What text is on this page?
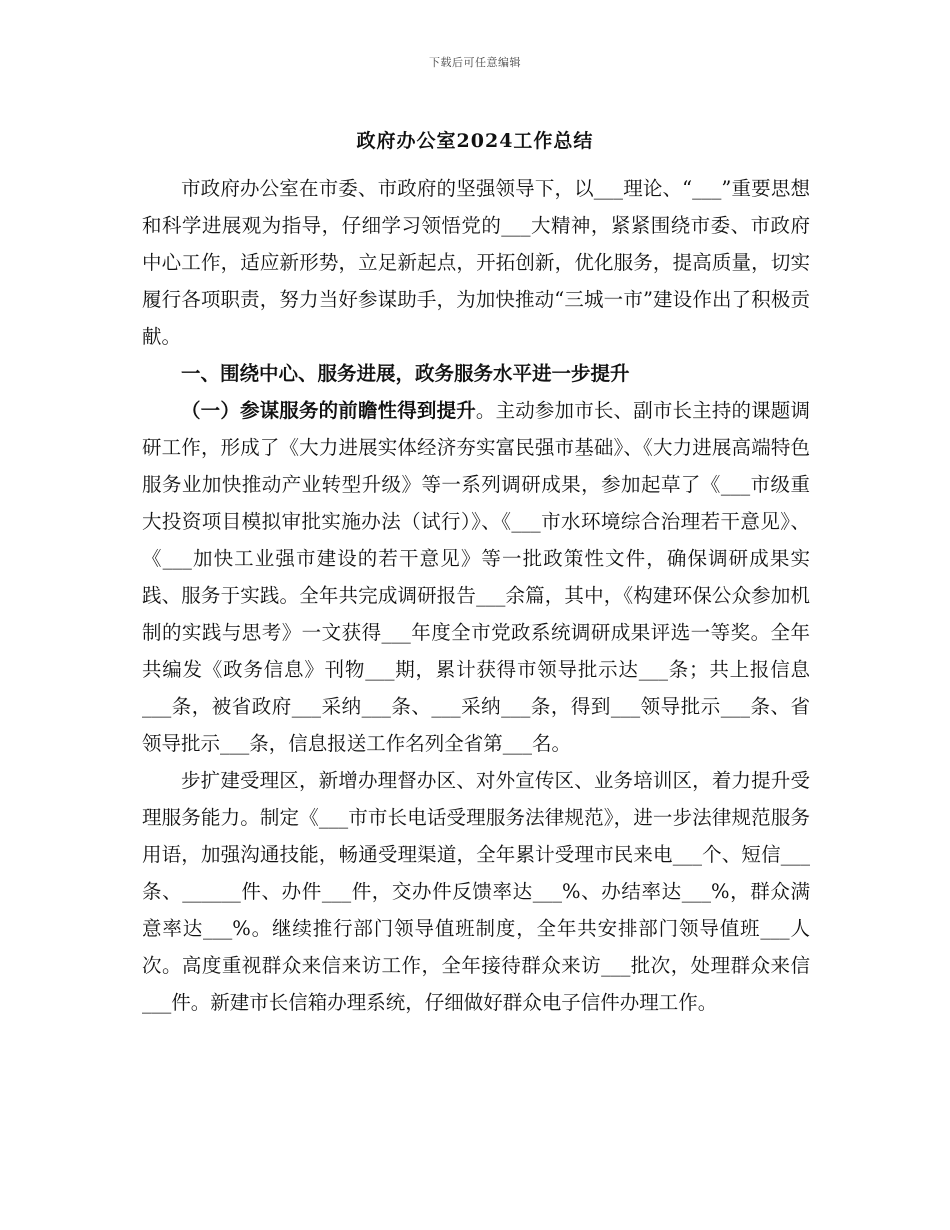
下载后可任意编辑
政府办公室2024工作总结

市政府办公室在市委、市政府的坚强领导下，以___理论、“___”重要思想和科学进展观为指导，仔细学习领悟党的___大精神，紧紧围绕市委、市政府中心工作，适应新形势，立足新起点，开拓创新，优化服务，提高质量，切实履行各项职责，努力当好参谋助手，为加快推动“三城一市”建设作出了积极贡献。

一、围绕中心、服务进展，政务服务水平进一步提升

（一）参谋服务的前瞻性得到提升。主动参加市长、副市长主持的课题调研工作，形成了《大力进展实体经济夯实富民强市基础》、《大力进展高端特色服务业加快推动产业转型升级》等一系列调研成果，参加起草了《___市级重大投资项目模拟审批实施办法（试行）》、《___市水环境综合治理若干意见》、《___加快工业强市建设的若干意见》等一批政策性文件，确保调研成果实践、服务于实践。全年共完成调研报告___余篇，其中，《构建环保公众参加机制的实践与思考》一文获得___年度全市党政系统调研成果评选一等奖。全年共编发《政务信息》刊物___期，累计获得市领导批示达___条；共上报信息___条，被省政府___采纳___条、___采纳___条，得到___领导批示___条、省领导批示___条，信息报送工作名列全省第___名。

步扩建受理区，新增办理督办区、对外宣传区、业务培训区，着力提升受理服务能力。制定《___市市长电话受理服务法律规范》，进一步法律规范服务用语，加强沟通技能，畅通受理渠道，全年累计受理市民来电___个、短信___条、______件、办件___件，交办件反馈率达___%、办结率达___%，群众满意率达___%。继续推行部门领导值班制度，全年共安排部门领导值班___人次。高度重视群众来信来访工作，全年接待群众来访___批次，处理群众来信___件。新建市长信箱办理系统，仔细做好群众电子信件办理工作。
